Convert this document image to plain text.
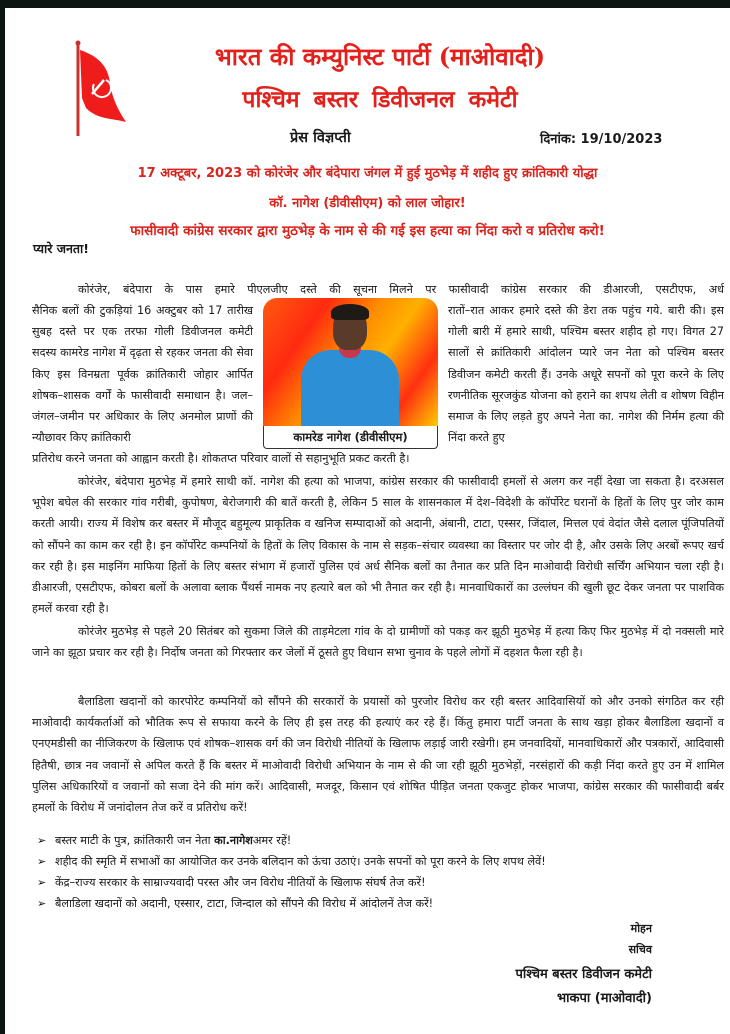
भारत की कम्युनिस्ट पार्टी (माओवादी)
पश्चिम बस्तर डिवीजनल कमेटी
प्रेस विज्ञप्ती	दिनांक: 19/10/2023
17 अक्टूबर, 2023 को कोरंजेर और बंदेपारा जंगल में हुई मुठभेड़ में शहीद हुए क्रांतिकारी योद्धा
कॉ. नागेश (डीवीसीएम) को लाल जोहार!
फासीवादी कांग्रेस सरकार द्वारा मुठभेड़ के नाम से की गई इस हत्या का निंदा करो व प्रतिरोध करो!
प्यारे जनता!
कोरंजेर, बंदेपारा के पास हमारे पीएलजीए दस्ते की सूचना मिलने पर फासीवादी कांग्रेस सरकार की डीआरजी, एसटीएफ, अर्ध
सैनिक बलों की टुकड़ियां 16 अक्टुबर को 17 तारीख सुबह दस्ते पर एक तरफा गोली डिवीजनल कमेटी सदस्य कामरेड नागेश में दृढ़ता से रहकर जनता की सेवा किए इस विनम्रता पूर्वक क्रांतिकारी जोहार आर्पित शोषक–शासक वर्गों के फासीवादी समाधान है। जल–जंगल–जमीन पर अधिकार के लिए अनमोल प्राणों की न्यौछावर किए क्रांतिकारी	कामरेड नागेश (डीवीसीएम)
रातों–रात आकर हमारे दस्ते की डेरा तक पहुंच गये. बारी की। इस गोली बारी में हमारे साथी, पश्चिम बस्तर शहीद हो गए। विगत 27 सालों से क्रांतिकारी आंदोलन प्यारे जन नेता को पश्चिम बस्तर डिवीजन कमेटी करती हैं। उनके अधूरे सपनों को पूरा करने के लिए रणनीतिक सूरजकुंड योजना को हराने का शपथ लेती व शोषण विहीन समाज के लिए लड़ते हुए अपने नेता का. नागेश की निर्मम हत्या की निंदा करते हुए
प्रतिरोध करने जनता को आह्वान करती है। शोकतप्त परिवार वालों से सहानुभूति प्रकट करती है।
कोरंजेर, बंदेपारा मुठभेड़ में हमारे साथी कॉ. नागेश की हत्या को भाजपा, कांग्रेस सरकार की फासीवादी हमलों से अलग कर नहीं देखा जा सकता है। दरअसल भूपेश बघेल की सरकार गांव गरीबी, कुपोषण, बेरोजगारी की बातें करती है, लेकिन 5 साल के शासनकाल में देश–विदेशी के कॉर्पोरेट घरानों के हितों के लिए पुर जोर काम करती आयी। राज्य में विशेष कर बस्तर में मौजूद बहुमूल्य प्राकृतिक व खनिज सम्पादाओं को अदानी, अंबानी, टाटा, एस्सर, जिंदाल, मित्तल एवं वेदांत जैसे दलाल पूंजिपतियों को सौंपने का काम कर रही है। इन कॉर्पोरेट कम्पनियों के हितों के लिए विकास के नाम से सड़क–संचार व्यवस्था का विस्तार पर जोर दी है, और उसके लिए अरबों रूपए खर्च कर रही है। इस माइनिंग माफिया हितों के लिए बस्तर संभाग में हजारों पुलिस एवं अर्ध सैनिक बलों का तैनात कर प्रति दिन माओवादी विरोधी सर्चिंग अभियान चला रही है। डीआरजी, एसटीएफ, कोबरा बलों के अलावा ब्लाक पैंथर्स नामक नए हत्यारे बल को भी तैनात कर रही है। मानवाधिकारों का उल्लंघन की खुली छूट देकर जनता पर पाशविक हमलें करवा रही है।
कोरंजेर मुठभेड़ से पहले 20 सितंबर को सुकमा जिले की ताड़मेटला गांव के दो ग्रामीणों को पकड़ कर झूठी मुठभेड़ में हत्या किए फिर मुठभेड़ में दो नक्सली मारे जाने का झूठा प्रचार कर रही है। निर्दोष जनता को गिरफ्तार कर जेलों में ठूसते हुए विधान सभा चुनाव के पहले लोगों में दहशत फैला रही है।
बैलाडिला खदानों को कारपोरेट कम्पनियों को सौंपने की सरकारों के प्रयासों को पुरजोर विरोध कर रही बस्तर आदिवासियों को और उनको संगठित कर रही माओवादी कार्यकर्ताओं को भौतिक रूप से सफाया करने के लिए ही इस तरह की हत्याएं कर रहे हैं। किंतु हमारा पार्टी जनता के साथ खड़ा होकर बैलाडिला खदानों व एनएमडीसी का नीजिकरण के खिलाफ एवं शोषक–शासक वर्ग की जन विरोधी नीतियों के खिलाफ लड़ाई जारी रखेगी। हम जनवादियों, मानवाधिकारों और पत्रकारों, आदिवासी हितैषी, छात्र नव जवानों से अपिल करते हैं कि बस्तर में माओवादी विरोधी अभियान के नाम से की जा रही झूठी मुठभेड़ों, नरसंहारों की कड़ी निंदा करते हुए उन में शामिल पुलिस अधिकारियों व जवानों को सजा देने की मांग करें। आदिवासी, मजदूर, किसान एवं शोषित पीड़ित जनता एकजुट होकर भाजपा, कांग्रेस सरकार की फासीवादी बर्बर हमलों के विरोध में जनांदोलन तेज करें व प्रतिरोध करें!
➢ बस्तर माटी के पुत्र, क्रांतिकारी जन नेता
का.नागेश अमर रहें!
➢ शहीद की स्मृति में सभाओं का आयोजित कर उनके बलिदान को ऊंचा उठाएं। उनके सपनों को पूरा करने के लिए शपथ लेवें!
➢ केंद्र–राज्य सरकार के साम्राज्यवादी परस्त और जन विरोध नीतियों के खिलाफ संघर्ष तेज करें!
➢ बैलाडिला खदानों को अदानी, एस्सार, टाटा, जिन्दाल को सौंपने की विरोध में आंदोलनें तेज करें!
मोहन
सचिव
पश्चिम बस्तर डिवीजन कमेटी
भाकपा (माओवादी)
